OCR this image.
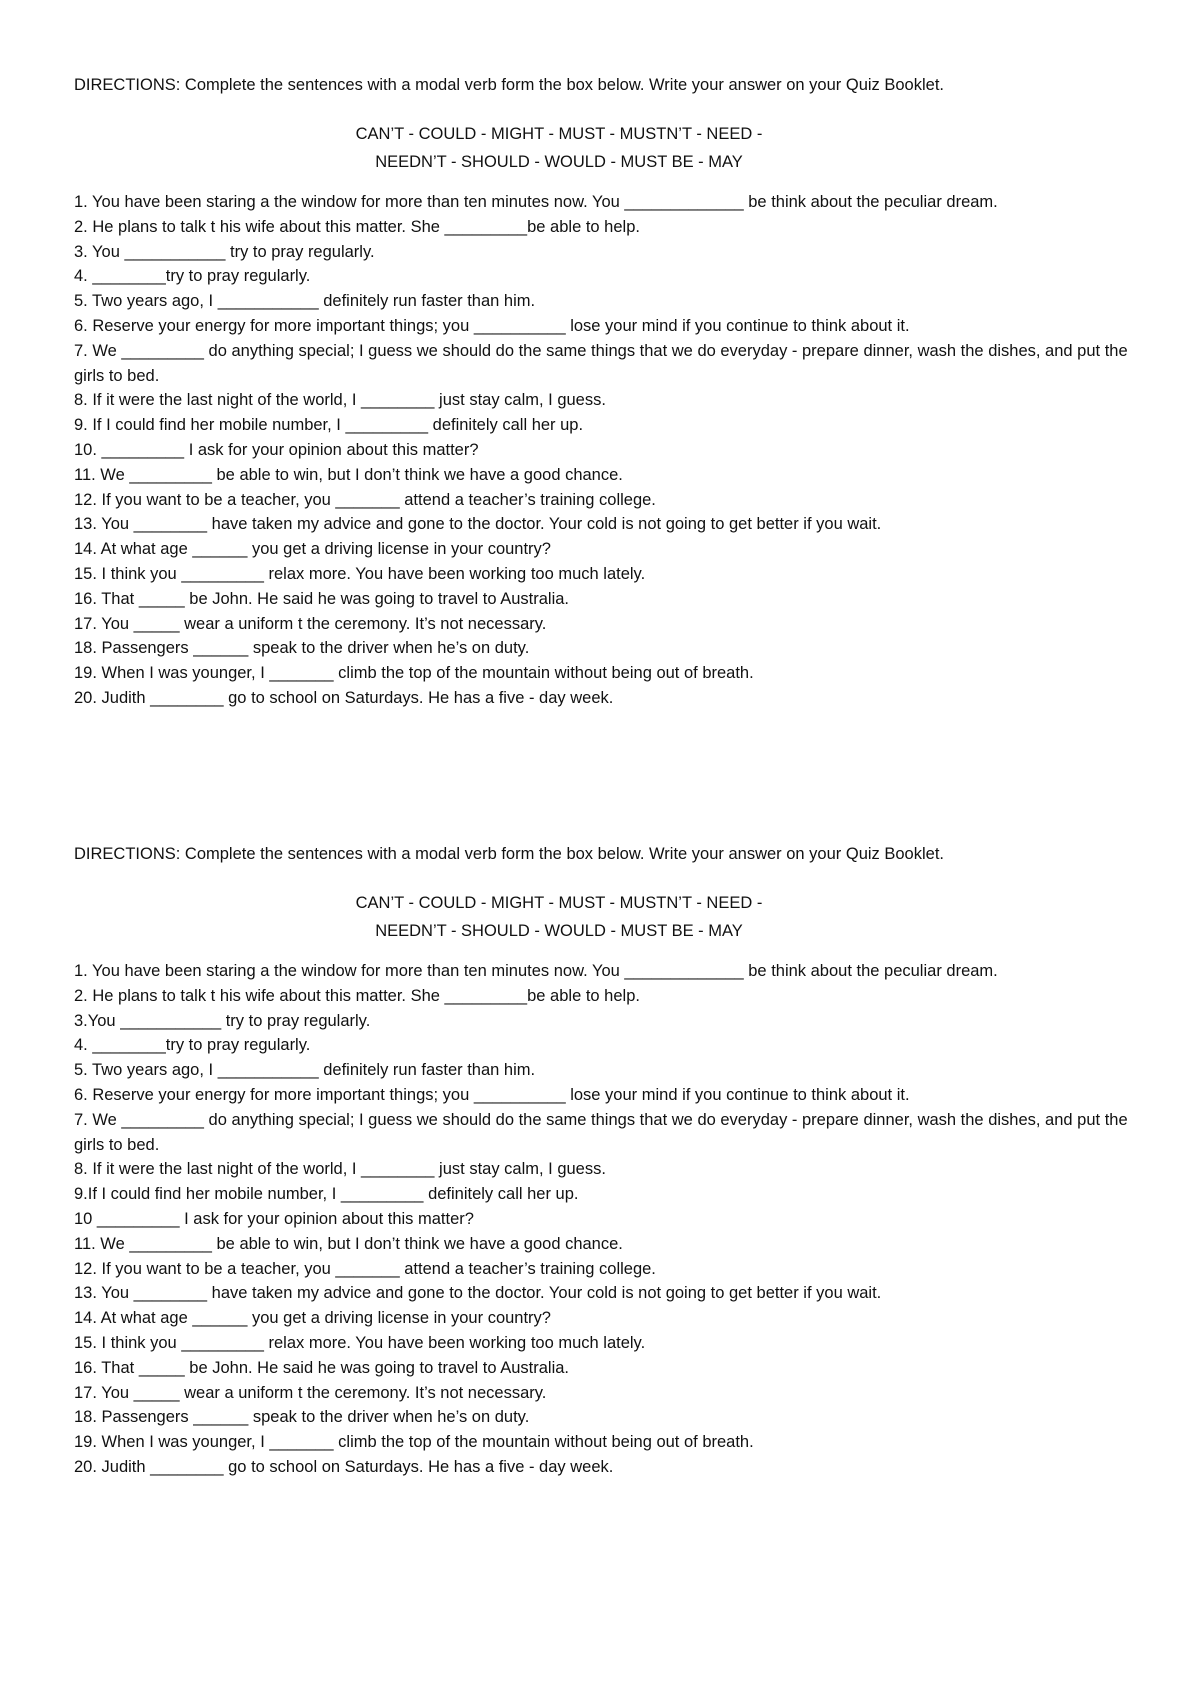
DIRECTIONS: Complete the sentences with a modal verb form the box below. Write your answer on your Quiz Booklet.

CAN’T - COULD - MIGHT - MUST - MUSTN’T - NEED -
NEEDN’T - SHOULD - WOULD - MUST BE - MAY
1. You have been staring a the window for more than ten minutes now. You _____________ be think about the peculiar dream.
2. He plans to talk t his wife about this matter. She _________be able to help.
3. You ___________ try to pray regularly.
4. ________try to pray regularly.
5. Two years ago, I ___________ definitely run faster than him.
6. Reserve your energy for more important things; you __________ lose your mind if you continue to think about it.
7. We _________ do anything special; I guess we should do the same things that we do everyday - prepare dinner, wash the dishes, and put the girls to bed.
8. If it were the last night of the world, I ________ just stay calm, I guess.
9. If I could find her mobile number, I _________ definitely call her up.
10. _________ I ask for your opinion about this matter?
11. We _________ be able to win, but I don’t think we have a good chance.
12. If you want to be a teacher, you _______ attend a teacher’s training college.
13. You ________ have taken my advice and gone to the doctor. Your cold is not going to get better if you wait.
14. At what age ______ you get a driving license in your country?
15. I think you _________ relax more. You have been working too much lately.
16. That _____ be John. He said he was going to travel to Australia.
17. You _____ wear a uniform t the ceremony. It’s not necessary.
18. Passengers ______ speak to the driver when he’s on duty.
19. When I was younger, I _______ climb the top of the mountain without being out of breath.
20. Judith ________ go to school on Saturdays. He has a five - day week.

DIRECTIONS: Complete the sentences with a modal verb form the box below. Write your answer on your Quiz Booklet.

CAN’T - COULD - MIGHT - MUST - MUSTN’T - NEED -
NEEDN’T - SHOULD - WOULD - MUST BE - MAY
1. You have been staring a the window for more than ten minutes now. You _____________ be think about the peculiar dream.
2. He plans to talk t his wife about this matter. She _________be able to help.
3.You ___________ try to pray regularly.
4. ________try to pray regularly.
5. Two years ago, I ___________ definitely run faster than him.
6. Reserve your energy for more important things; you __________ lose your mind if you continue to think about it.
7. We _________ do anything special; I guess we should do the same things that we do everyday - prepare dinner, wash the dishes, and put the girls to bed.
8. If it were the last night of the world, I ________ just stay calm, I guess.
9.If I could find her mobile number, I _________ definitely call her up.
10 _________ I ask for your opinion about this matter?
11. We _________ be able to win, but I don’t think we have a good chance.
12. If you want to be a teacher, you _______ attend a teacher’s training college.
13. You ________ have taken my advice and gone to the doctor. Your cold is not going to get better if you wait.
14. At what age ______ you get a driving license in your country?
15. I think you _________ relax more. You have been working too much lately.
16. That _____ be John. He said he was going to travel to Australia.
17. You _____ wear a uniform t the ceremony. It’s not necessary.
18. Passengers ______ speak to the driver when he’s on duty.
19. When I was younger, I _______ climb the top of the mountain without being out of breath.
20. Judith ________ go to school on Saturdays. He has a five - day week.
